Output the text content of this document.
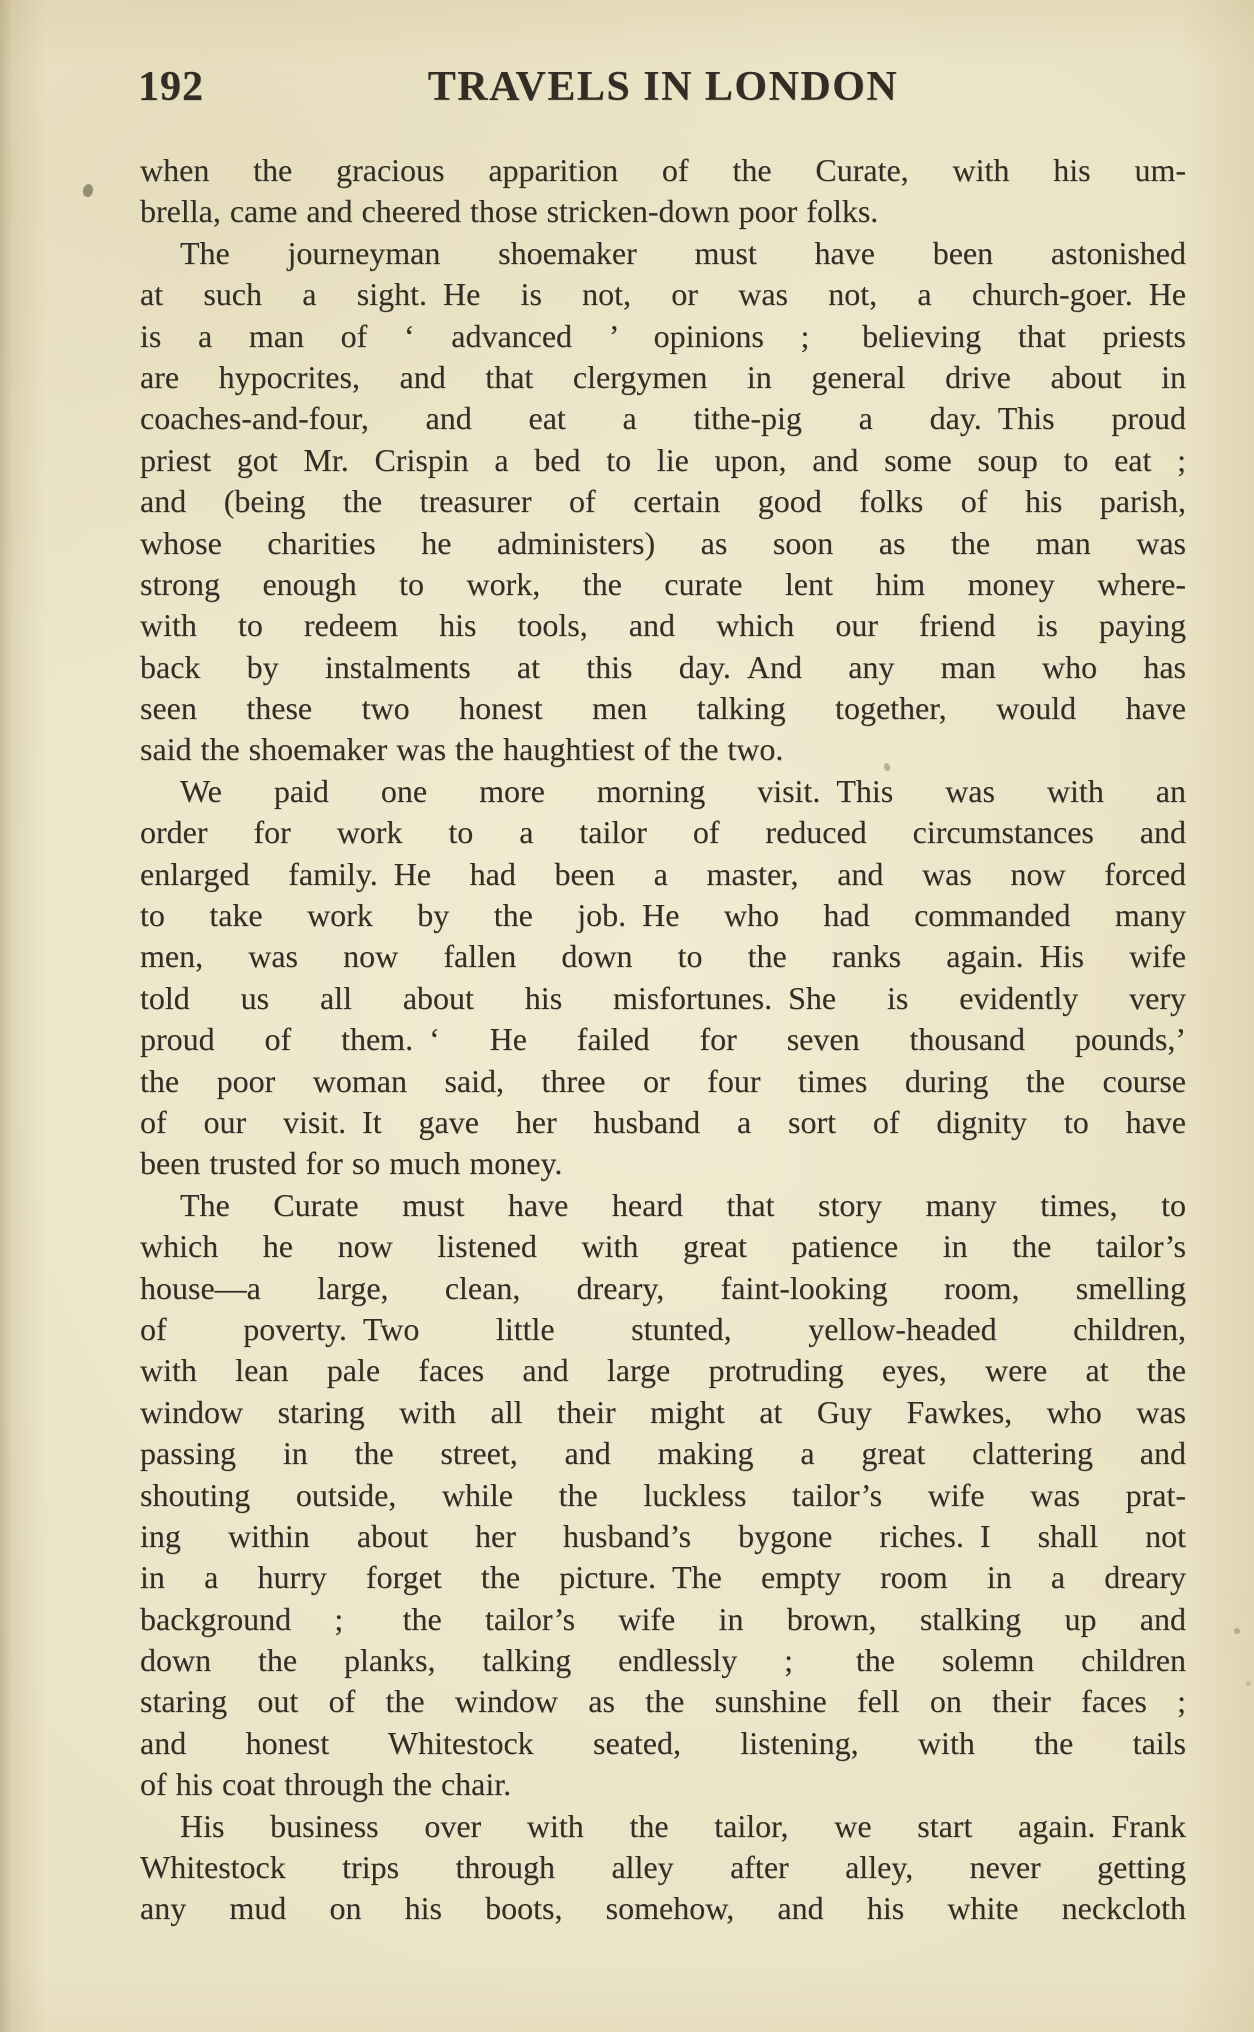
192	TRAVELS IN LONDON
when the gracious apparition of the Curate, with his um-
brella, came and cheered those stricken-down poor folks.
The journeyman shoemaker must have been astonished
at such a sight. He is not, or was not, a church-goer. He
is a man of ‘ advanced ’ opinions ;  believing that priests
are hypocrites, and that clergymen in general drive about in
coaches-and-four, and eat a tithe-pig a day. This proud
priest got Mr. Crispin a bed to lie upon, and some soup to eat ;
and (being the treasurer of certain good folks of his parish,
whose charities he administers) as soon as the man was
strong enough to work, the curate lent him money where-
with to redeem his tools, and which our friend is paying
back by instalments at this day. And any man who has
seen these two honest men talking together, would have
said the shoemaker was the haughtiest of the two.
We paid one more morning visit. This was with an
order for work to a tailor of reduced circumstances and
enlarged family. He had been a master, and was now forced
to take work by the job. He who had commanded many
men, was now fallen down to the ranks again. His wife
told us all about his misfortunes. She is evidently very
proud of them. ‘ He failed for seven thousand pounds,’
the poor woman said, three or four times during the course
of our visit. It gave her husband a sort of dignity to have
been trusted for so much money.
The Curate must have heard that story many times, to
which he now listened with great patience in the tailor’s
house—a large, clean, dreary, faint-looking room, smelling
of poverty. Two little stunted, yellow-headed children,
with lean pale faces and large protruding eyes, were at the
window staring with all their might at Guy Fawkes, who was
passing in the street, and making a great clattering and
shouting outside, while the luckless tailor’s wife was prat-
ing within about her husband’s bygone riches. I shall not
in a hurry forget the picture. The empty room in a dreary
background ;  the tailor’s wife in brown, stalking up and
down the planks, talking endlessly ;  the solemn children
staring out of the window as the sunshine fell on their faces ;
and honest Whitestock seated, listening, with the tails
of his coat through the chair.
His business over with the tailor, we start again. Frank
Whitestock trips through alley after alley, never getting
any mud on his boots, somehow, and his white neckcloth
